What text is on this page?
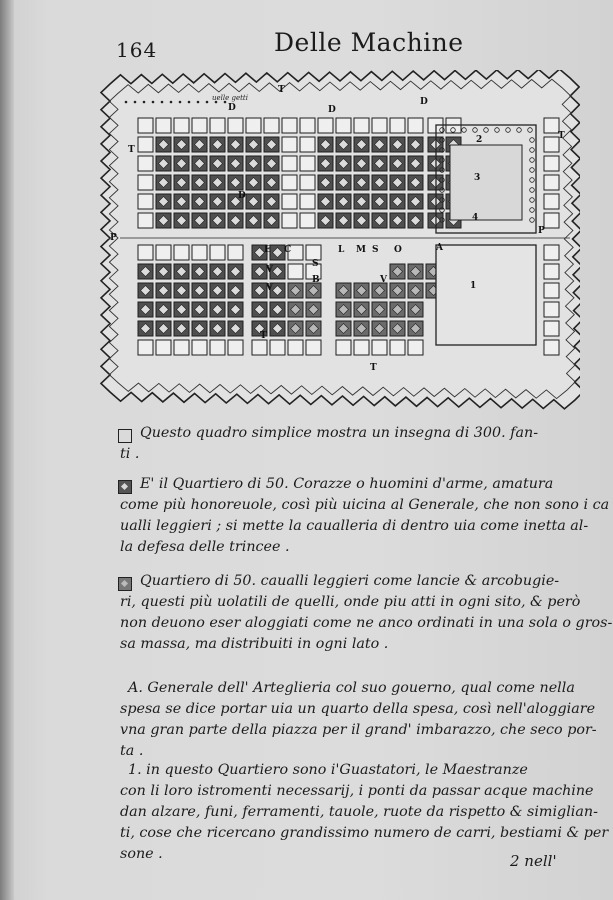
164	Delle Machine
T
T
T
T
T
D	D
D
D
P
P
E C	L M S O	A
V
V
V
S
B
3
1
4
2
uelle getti
Questo quadro simplice mostra un insegna di 300. fan-
ti .
E' il Quartiero di 50. Corazze o huomini d'arme, amatura
come più honoreuole, così più uicina al Generale, che non sono i ca
ualli leggieri ; si mette la caualleria di dentro uia come inetta al-
la defesa delle trincee .
Quartiero di 50. caualli leggieri come lancie & arcobugie-
ri, questi più uolatili de quelli, onde piu atti in ogni sito, & però
non deuono eser aloggiati come ne anco ordinati in una sola o gros-
sa massa, ma distribuiti in ogni lato .
A. Generale dell' Arteglieria col suo gouerno, qual come nella
spesa se dice portar uia un quarto della spesa, così nell'aloggiare
vna gran parte della piazza per il grand' imbarazzo, che seco por-
ta .
1. in questo Quartiero sono i'Guastatori, le Maestranze
con li loro istromenti necessarij, i ponti da passar acque machine
dan alzare, funi, ferramenti, tauole, ruote da rispetto & simiglian-
ti, cose che ricercano grandissimo numero de carri, bestiami & per
sone .	2 nell'
